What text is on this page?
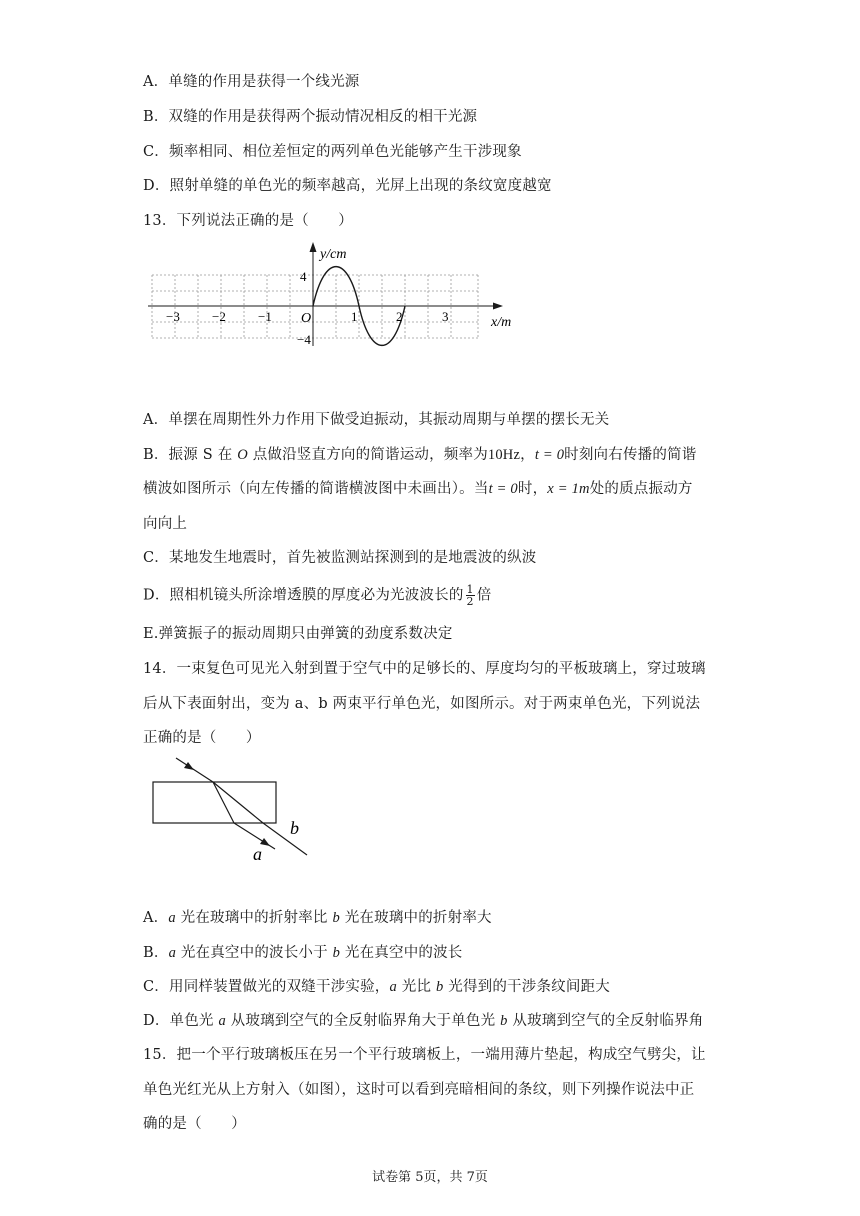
A．单缝的作用是获得一个线光源
B．双缝的作用是获得两个振动情况相反的相干光源
C．频率相同、相位差恒定的两列单色光能够产生干涉现象
D．照射单缝的单色光的频率越高，光屏上出现的条纹宽度越宽
13．下列说法正确的是（　　）
y/cm
x/m
O
4
−4
−3 −2 −1	1	2	3
A．单摆在周期性外力作用下做受迫振动，其振动周期与单摆的摆长无关
B．振源 S 在 O 点做沿竖直方向的简谐运动，频率为10Hz，t = 0时刻向右传播的简谐
横波如图所示（向左传播的简谐横波图中未画出）。当t = 0时，x = 1m处的质点振动方
向向上
C．某地发生地震时，首先被监测站探测到的是地震波的纵波
D．照相机镜头所涂增透膜的厚度必为光波波长的 $\frac{1}{2}$ 倍
E.弹簧振子的振动周期只由弹簧的劲度系数决定
14．一束复色可见光入射到置于空气中的足够长的、厚度均匀的平板玻璃上，穿过玻璃
后从下表面射出，变为 a、b 两束平行单色光，如图所示。对于两束单色光，下列说法
正确的是（　　）
b
a
A．a 光在玻璃中的折射率比 b 光在玻璃中的折射率大
B．a 光在真空中的波长小于 b 光在真空中的波长
C．用同样装置做光的双缝干涉实验，a 光比 b 光得到的干涉条纹间距大
D．单色光 a 从玻璃到空气的全反射临界角大于单色光 b 从玻璃到空气的全反射临界角
15．把一个平行玻璃板压在另一个平行玻璃板上，一端用薄片垫起，构成空气劈尖，让
单色光红光从上方射入（如图），这时可以看到亮暗相间的条纹，则下列操作说法中正
确的是（　　）
试卷第 5页，共 7页
